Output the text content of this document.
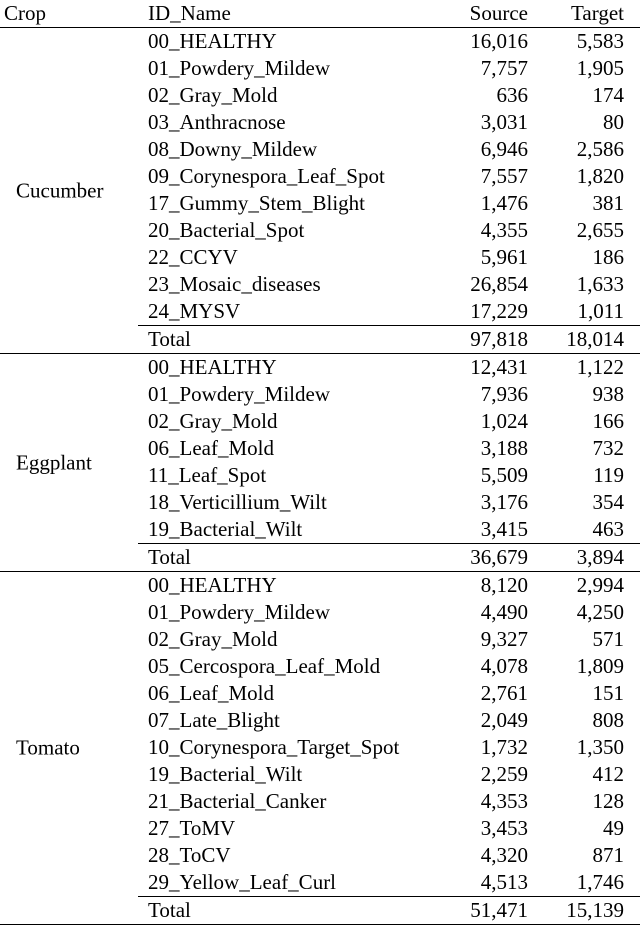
Crop	ID_Name	Source Target
Cucumber
00_HEALTHY	16,016 5,583
01_Powdery_Mildew	7,757 1,905
02_Gray_Mold	636	174
03_Anthracnose	3,031	80
08_Downy_Mildew	6,946 2,586
09_Corynespora_Leaf_Spot	7,557 1,820
17_Gummy_Stem_Blight	1,476	381
20_Bacterial_Spot	4,355 2,655
22_CCYV	5,961	186
23_Mosaic_diseases	26,854 1,633
24_MYSV	17,229 1,011
Total	97,818 18,014
Eggplant
00_HEALTHY	12,431 1,122
01_Powdery_Mildew	7,936	938
02_Gray_Mold	1,024	166
06_Leaf_Mold	3,188	732
11_Leaf_Spot	5,509	119
18_Verticillium_Wilt	3,176	354
19_Bacterial_Wilt	3,415	463
Total	36,679 3,894
Tomato
00_HEALTHY	8,120 2,994
01_Powdery_Mildew	4,490 4,250
02_Gray_Mold	9,327	571
05_Cercospora_Leaf_Mold	4,078 1,809
06_Leaf_Mold	2,761	151
07_Late_Blight	2,049	808
10_Corynespora_Target_Spot	1,732 1,350
19_Bacterial_Wilt	2,259	412
21_Bacterial_Canker	4,353	128
27_ToMV	3,453	49
28_ToCV	4,320	871
29_Yellow_Leaf_Curl	4,513 1,746
Total	51,471 15,139
